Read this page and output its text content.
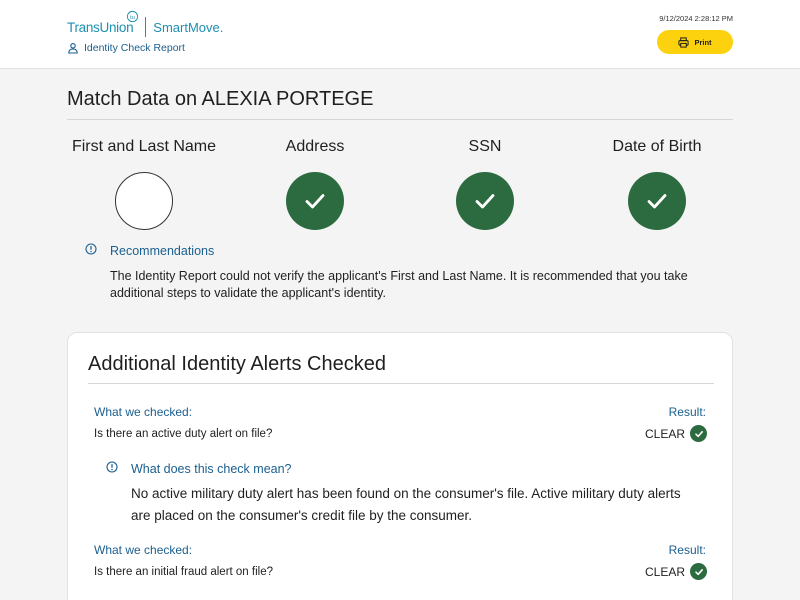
TransUnion
tu
SmartMove.
Identity Check Report
9/12/2024 2:28:12 PM
Print
Match Data on ALEXIA PORTEGE
First and Last Name	Address	SSN	Date of Birth
Recommendations
The Identity Report could not verify the applicant's First and Last Name. It is recommended that you take additional steps to validate the applicant's identity.
Additional Identity Alerts Checked
What we checked:
Is there an active duty alert on file?
Result:
CLEAR
What does this check mean?
No active military duty alert has been found on the consumer's file. Active military duty alerts are placed on the consumer's credit file by the consumer.
What we checked:
Is there an initial fraud alert on file?
Result:
CLEAR
